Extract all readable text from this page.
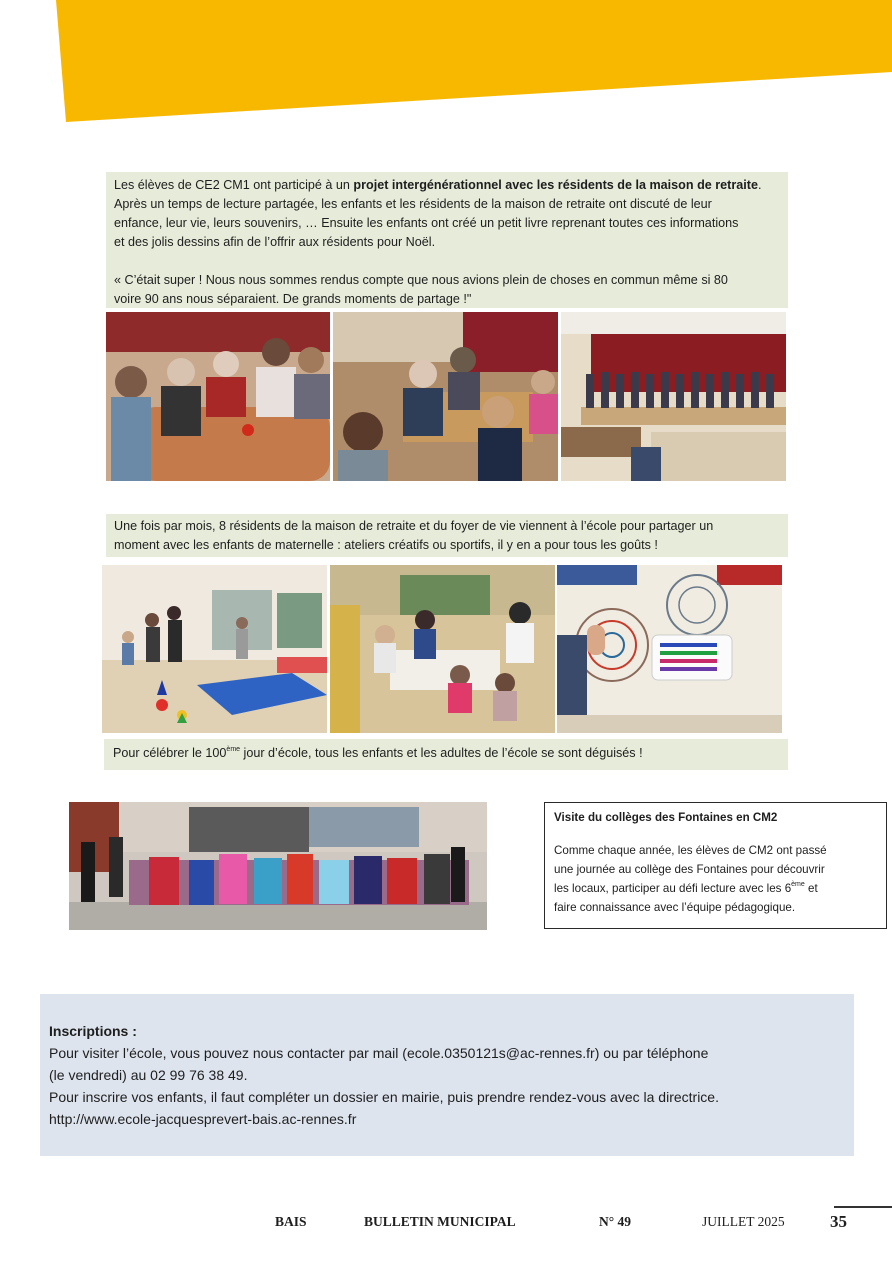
Les élèves de CE2 CM1 ont participé à un projet intergénérationnel avec les résidents de la maison de retraite.

Après un temps de lecture partagée, les enfants et les résidents de la maison de retraite ont discuté de leur

enfance, leur vie, leurs souvenirs, … Ensuite les enfants ont créé un petit livre reprenant toutes ces informations

et des jolis dessins afin de l’offrir aux résidents pour Noël.

« C’était super ! Nous nous sommes rendus compte que nous avions plein de choses en commun même si 80

voire 90 ans nous séparaient. De grands moments de partage !"

Une fois par mois, 8 résidents de la maison de retraite et du foyer de vie viennent à l’école pour partager un

moment avec les enfants de maternelle : ateliers créatifs ou sportifs, il y en a pour tous les goûts !

Pour célébrer le 100ème jour d’école, tous les enfants et les adultes de l’école se sont déguisés !

Visite du collèges des Fontaines en CM2
Comme chaque année, les élèves de CM2 ont passé
une journée au collège des Fontaines pour découvrir
les locaux, participer au défi lecture avec les 6ème et
faire connaissance avec l’équipe pédagogique.
Inscriptions :
Pour visiter l’école, vous pouvez nous contacter par mail (ecole.0350121s@ac-rennes.fr) ou par téléphone
(le vendredi) au 02 99 76 38 49.
Pour inscrire vos enfants, il faut compléter un dossier en mairie, puis prendre rendez-vous avec la directrice.
http://www.ecole-jacquesprevert-bais.ac-rennes.fr
BAIS	BULLETIN MUNICIPAL	N° 49	JUILLET 2025	35
